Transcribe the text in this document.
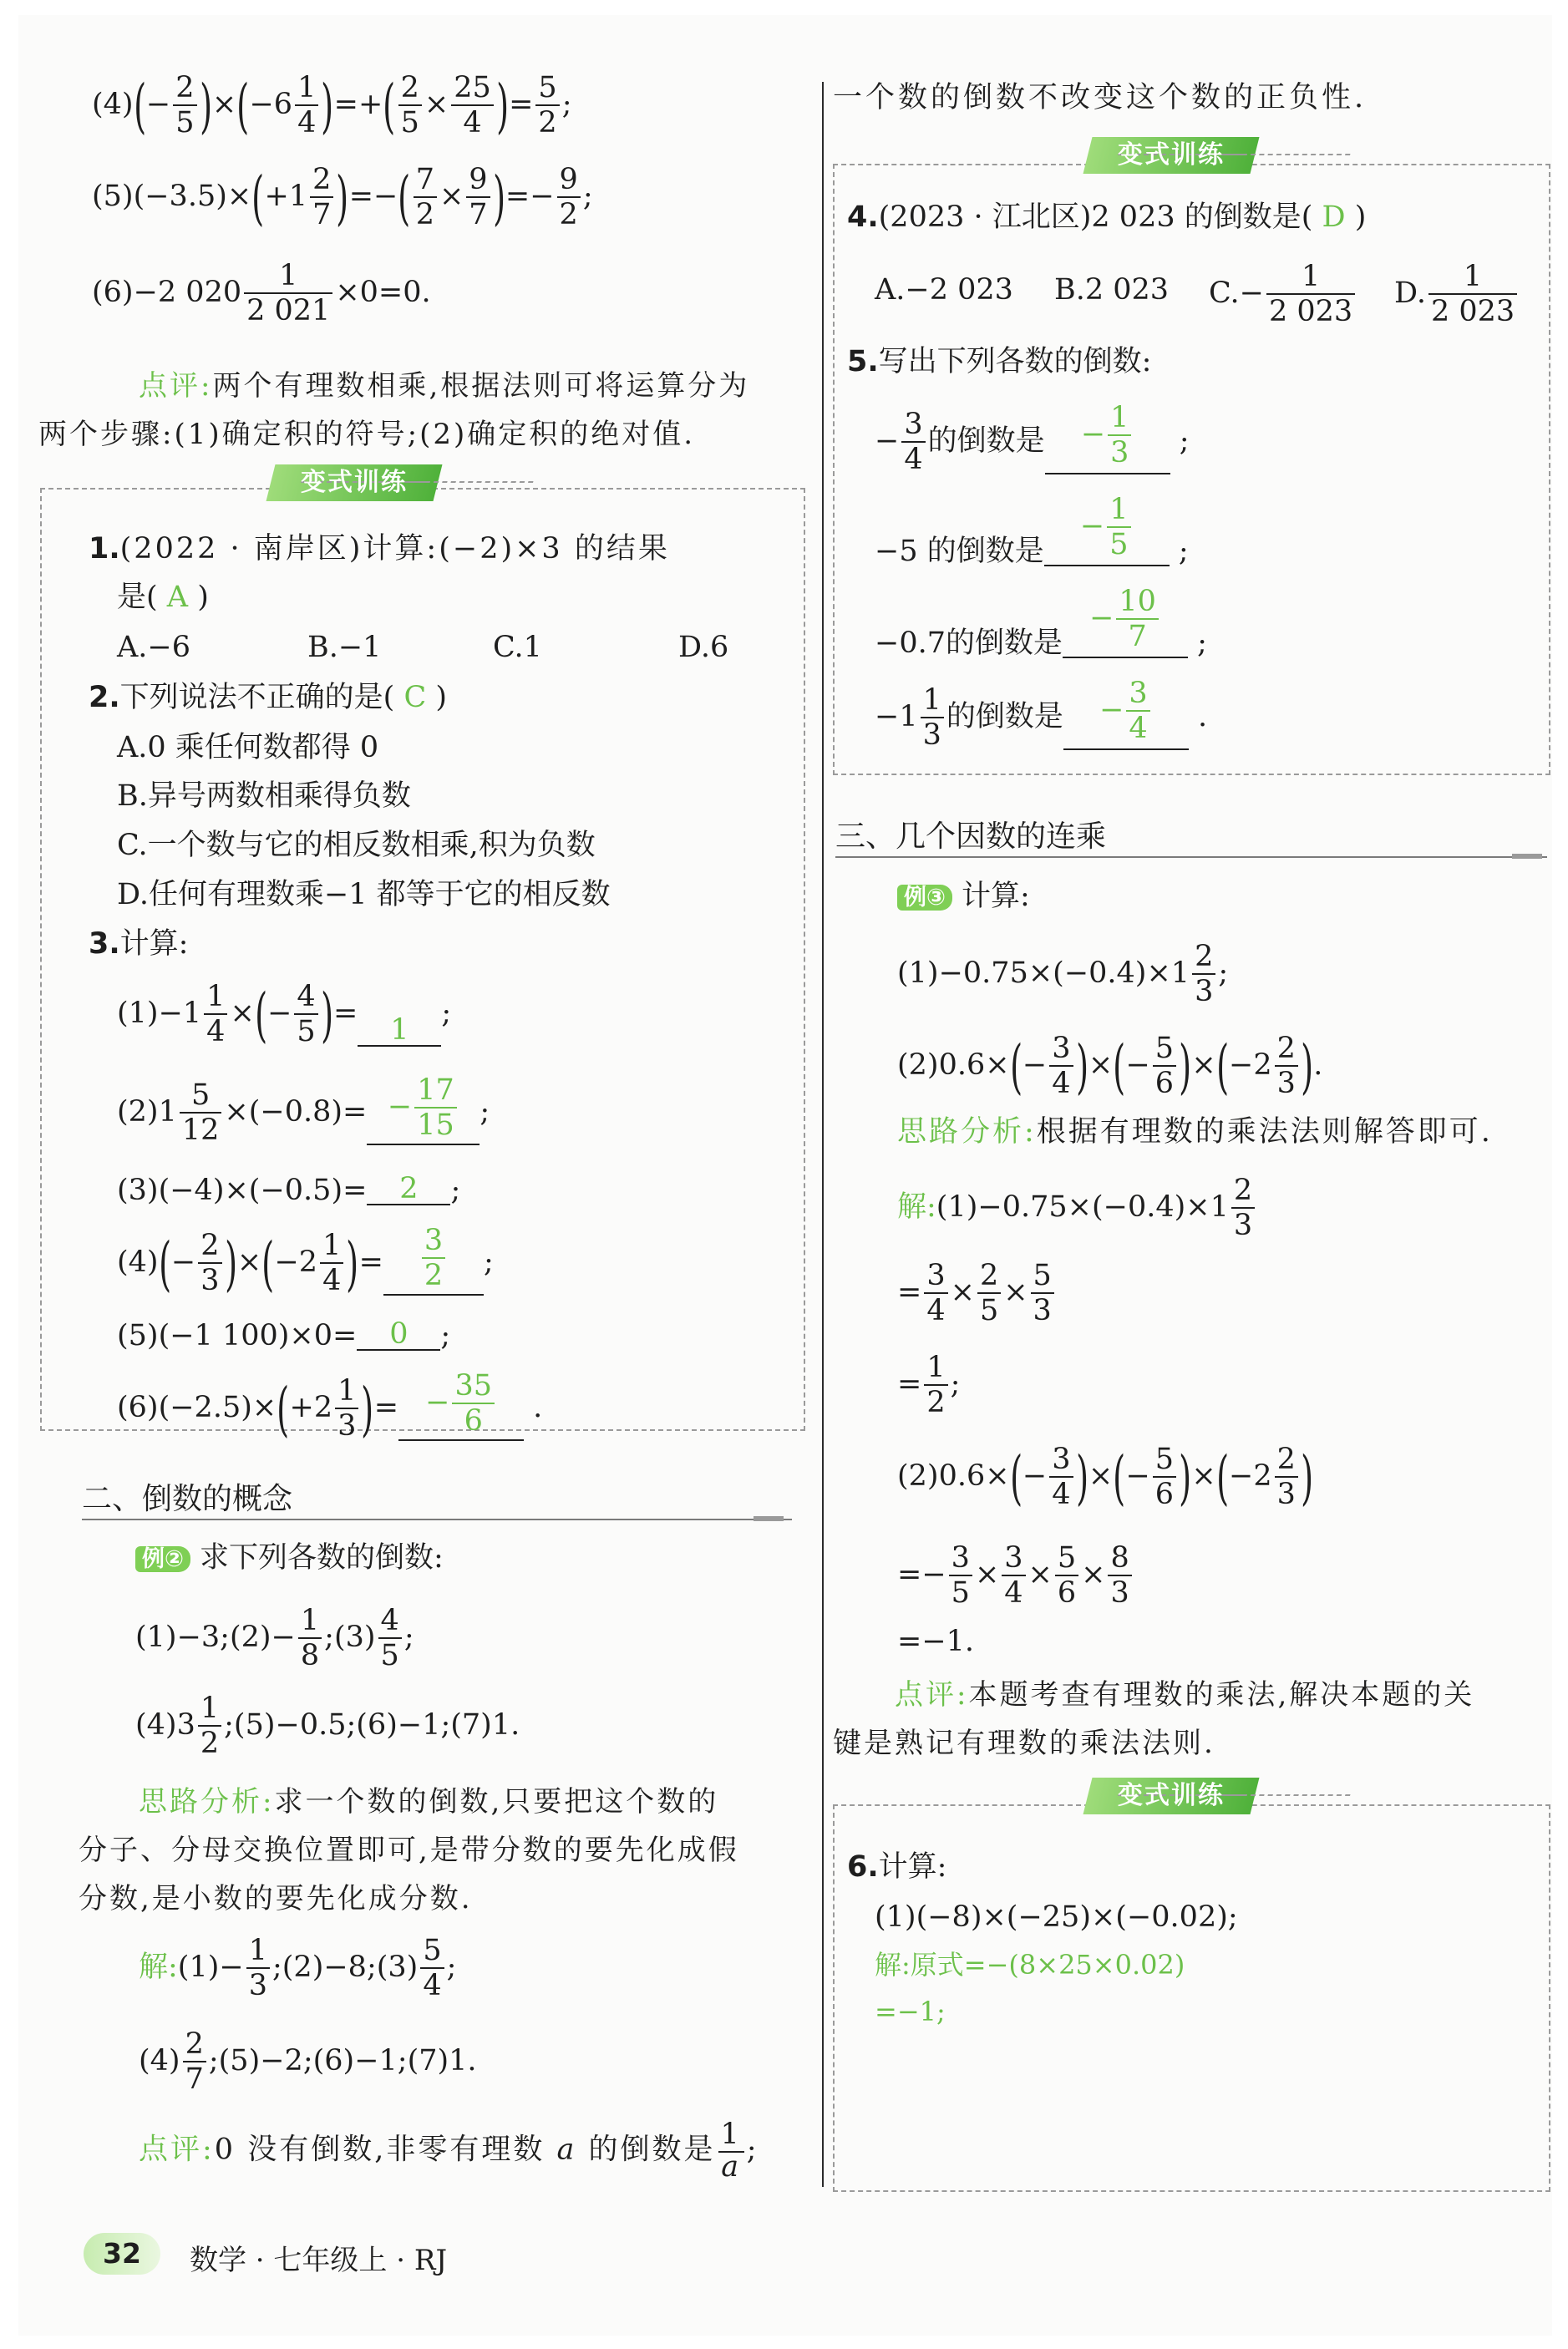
$(4)(- \frac{2}{5} )\times(-6 \frac{1}{4}$ )=+( $\frac{2}{5} \times \frac{25}{4}$ )= $\frac{5}{2}$ ;
$(5)(-3.5)\times(+1 \frac{2}{7}$ )=−( $\frac{7}{2} \times \frac{9}{7}$ )=− $\frac{9}{2}$ ;
(6)−2 $020 \frac{1}{2 021} \times 0=0$.
点评:两个有理数相乘,根据法则可将运算分为
两个步骤:(1)确定积的符号;(2)确定积的绝对值.
变式训练
1.(2022 · 南岸区)计算:(−2)×3 的结果
是( A )
A.−6	B.−1	C.1	D.6
2.下列说法不正确的是( C )
A.0 乘任何数都得 0
B.异号两数相乘得负数
C.一个数与它的相反数相乘,积为负数
D.任何有理数乘−1 都等于它的相反数
3.计算:
$(1)-1 \frac{1}{4}$ ×(− $\frac{4}{5}$ )= 1 ;
$(2)1 \frac{5}{12} \times(-0.8)= - \frac{17}{15}$ ;
(3)(−4)×(−0.5)= 2 ;
$(4)(- \frac{2}{3} )\times(-2 \frac{1}{4}$ )= $\frac{3}{2}$ ;
(5)(−1 100)×0= 0 ;
$(6)(-2.5)\times(+2 \frac{1}{3}$ )= − $\frac{35}{6}$ .
二、倒数的概念
例② 求下列各数的倒数:
(1)−3;(2)− $\frac{1}{8}$ ;(3) $\frac{4}{5}$ ;
$(4)3 \frac{1}{2}$ ;(5)−0.5;(6)−1;(7)1.
思路分析:求一个数的倒数,只要把这个数的
分子、分母交换位置即可,是带分数的要先化成假
分数,是小数的要先化成分数.
解:(1)− $\frac{1}{3}$ ;(2)−8;(3) $\frac{5}{4}$ ;
$(4) \frac{2}{7}$ ;(5)−2;(6)−1;(7)1.
点评:0 没有倒数,非零有理数 a 的倒数是 $\frac{1}{a}$;
一个数的倒数不改变这个数的正负性.
变式训练
4.(2023 · 江北区)2 023 的倒数是( D )
A.−2 023 B.2 023 $C.- \frac{1}{2 023} D$. $\frac{1}{2 023}$
5.写出下列各数的倒数:
− $\frac{3}{4}$ 的倒数是 − $\frac{1}{3}$ ;
−5 的倒数是− $\frac{1}{5}$ ;
−0.7的倒数是− $\frac{10}{7}$ ;
$-1 \frac{1}{3}$ 的倒数是 − $\frac{3}{4}$ .
三、几个因数的连乘
例③ 计算:
$(1)-0.75\times(-0.4)\times 1 \frac{2}{3}$ ;
$(2)0.6\times(- \frac{3}{4}$ )×(− $\frac{5}{6} )\times(-2 \frac{2}{3}$ ).
思路分析:根据有理数的乘法法则解答即可.
解:(1)−0.75×(−0.4)×1 $\frac{2}{3}$
= $\frac{3}{4} \times \frac{2}{5} \times \frac{5}{3}$
= $\frac{1}{2}$ ;
$(2)0.6\times(- \frac{3}{4}$ )×(− $\frac{5}{6} )\times(-2 \frac{2}{3}$ )
=− $\frac{3}{5} \times \frac{3}{4} \times \frac{5}{6} \times \frac{8}{3}$
=−1.
点评:本题考查有理数的乘法,解决本题的关
键是熟记有理数的乘法法则.
变式训练
6.计算:
(1)(−8)×(−25)×(−0.02);
解:原式=−(8×25×0.02)
=−1;
32	数学 · 七年级上 · RJ
